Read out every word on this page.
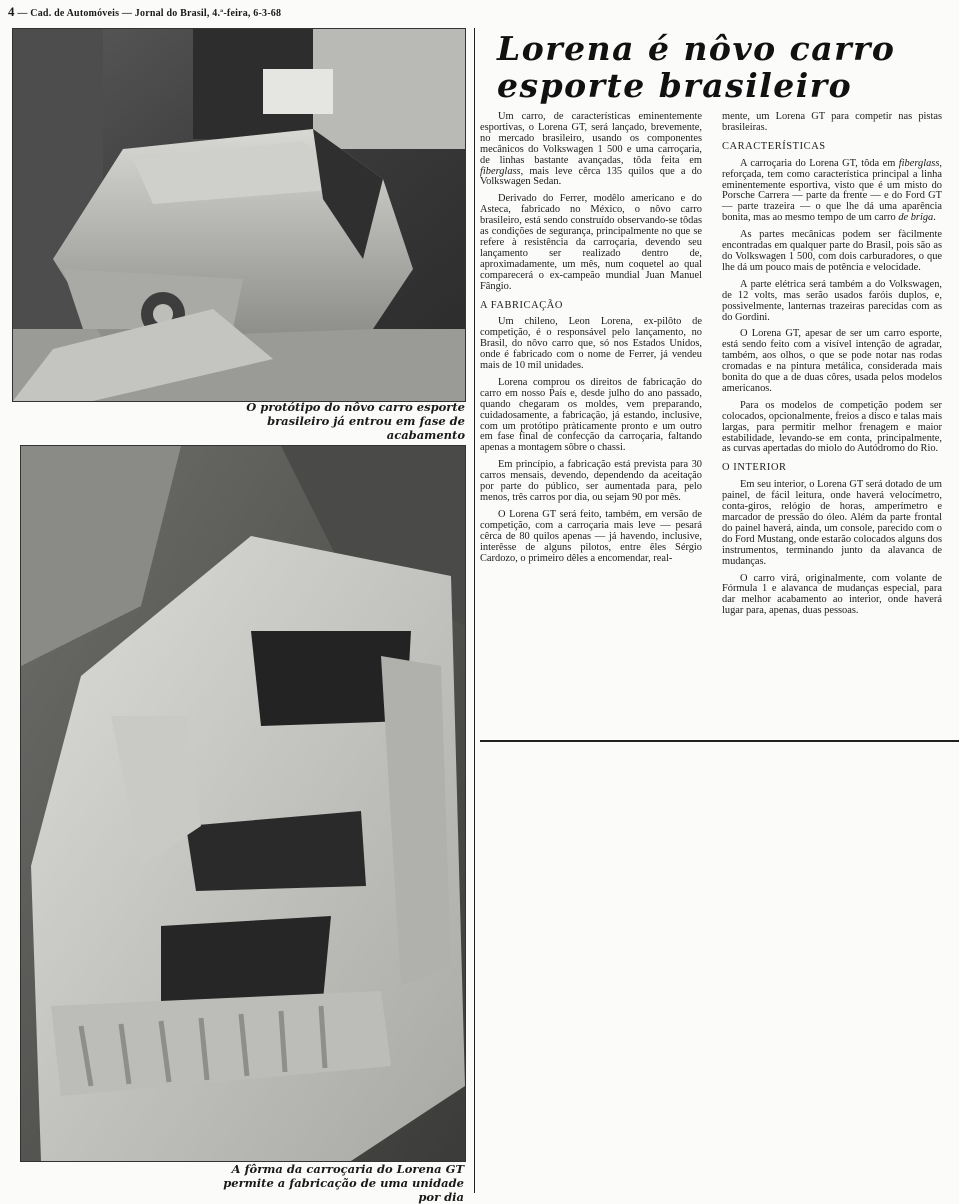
4 — Cad. de Automóveis — Jornal do Brasil, 4.ª-feira, 6-3-68
O protótipo do nôvo carro esporte brasileiro já entrou em fase de acabamento
A fôrma da carroçaria do Lorena GT permite a fabricação de uma unidade por dia
Lorena é nôvo carro esporte brasileiro

Um carro, de características eminentemente esportivas, o Lorena GT, será lançado, brevemente, no mercado brasileiro, usando os componentes mecânicos do Volkswagen 1 500 e uma carroçaria, de linhas bastante avançadas, tôda feita em fiberglass, mais leve cêrca 135 quilos que a do Volkswagen Sedan.

Derivado do Ferrer, modêlo americano e do Asteca, fabricado no México, o nôvo carro brasileiro, está sendo construído observando-se tôdas as condições de segurança, principalmente no que se refere à resistência da carroçaria, devendo seu lançamento ser realizado dentro de, aproximadamente, um mês, num coquetel ao qual comparecerá o ex-campeão mundial Juan Manuel Fângio.

A FABRICAÇÃO

Um chileno, Leon Lorena, ex-pilôto de competição, é o responsável pelo lançamento, no Brasil, do nôvo carro que, só nos Estados Unidos, onde é fabricado com o nome de Ferrer, já vendeu mais de 10 mil unidades.

Lorena comprou os direitos de fabricação do carro em nosso País e, desde julho do ano passado, quando chegaram os moldes, vem preparando, cuidadosamente, a fabricação, já estando, inclusive, com um protótipo pràticamente pronto e um outro em fase final de confecção da carroçaria, faltando apenas a montagem sôbre o chassi.

Em princípio, a fabricação está prevista para 30 carros mensais, devendo, dependendo da aceitação por parte do público, ser aumentada para, pelo menos, três carros por dia, ou sejam 90 por mês.

O Lorena GT será feito, também, em versão de competição, com a carroçaria mais leve — pesará cêrca de 80 quilos apenas — já havendo, inclusive, interêsse de alguns pilotos, entre êles Sérgio Cardozo, o primeiro dêles a encomendar, real-

mente, um Lorena GT para competir nas pistas brasileiras.

CARACTERÍSTICAS

A carroçaria do Lorena GT, tôda em fiberglass, reforçada, tem como característica principal a linha eminentemente esportiva, visto que é um misto do Porsche Carrera — parte da frente — e do Ford GT — parte trazeira — o que lhe dá uma aparência bonita, mas ao mesmo tempo de um carro de briga.

As partes mecânicas podem ser fàcilmente encontradas em qualquer parte do Brasil, pois são as do Volkswagen 1 500, com dois carburadores, o que lhe dá um pouco mais de potência e velocidade.

A parte elétrica será também a do Volkswagen, de 12 volts, mas serão usados faróis duplos, e, possìvelmente, lanternas trazeiras parecidas com as do Gordini.

O Lorena GT, apesar de ser um carro esporte, está sendo feito com a visível intenção de agradar, também, aos olhos, o que se pode notar nas rodas cromadas e na pintura metálica, considerada mais bonita do que a de duas côres, usada pelos modelos americanos.

Para os modelos de competição podem ser colocados, opcionalmente, freios a disco e talas mais largas, para permitir melhor frenagem e maior estabilidade, levando-se em conta, principalmente, as curvas apertadas do miolo do Autódromo do Rio.

O INTERIOR

Em seu interior, o Lorena GT será dotado de um painel, de fácil leitura, onde haverá velocímetro, conta-giros, relógio de horas, amperímetro e marcador de pressão do óleo. Além da parte frontal do painel haverá, ainda, um console, parecido com o do Ford Mustang, onde estarão colocados alguns dos instrumentos, terminando junto da alavanca de mudanças.

O carro virá, originalmente, com volante de Fórmula 1 e alavanca de mudanças especial, para dar melhor acabamento ao interior, onde haverá lugar para, apenas, duas pessoas.
